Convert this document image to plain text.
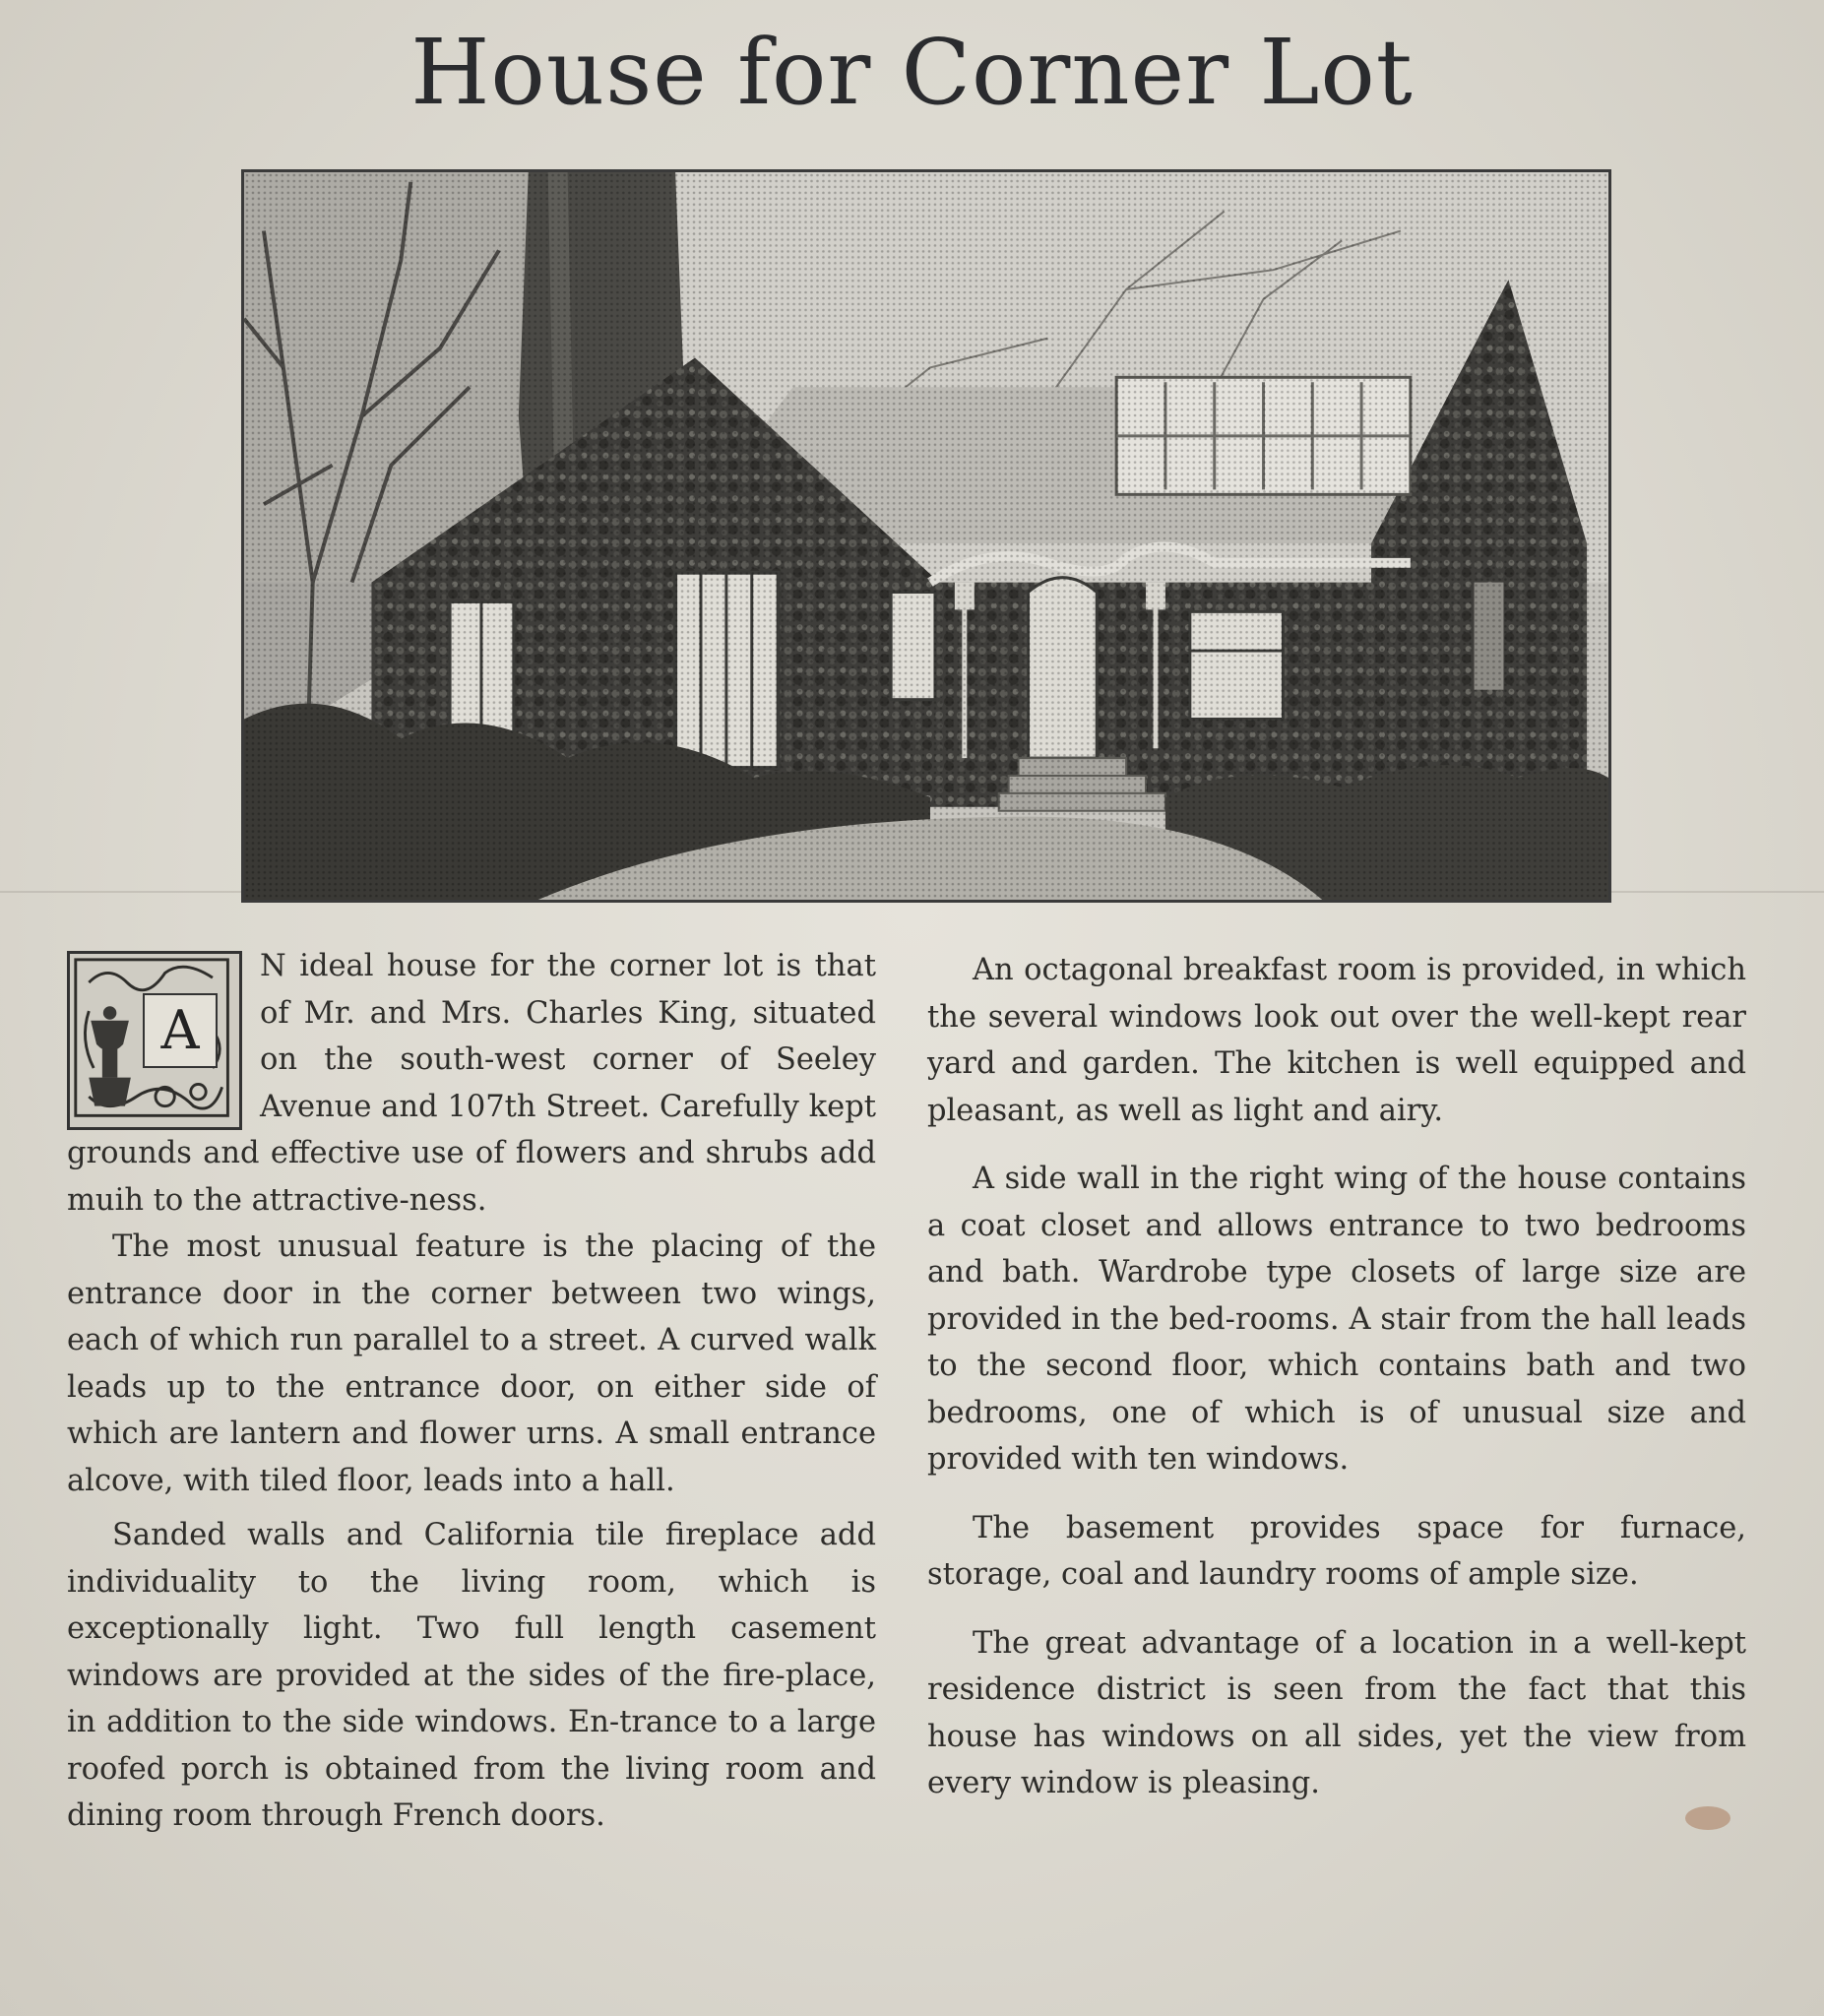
House for Corner Lot
A

N ideal house for the corner lot is that of Mr. and Mrs. Charles King, situated on the south-west corner of Seeley Avenue and 107th Street. Carefully kept grounds and effective use of flowers and shrubs add muih to the attractive-ness.

The most unusual feature is the placing of the entrance door in the corner between two wings, each of which run parallel to a street. A curved walk leads up to the entrance door, on either side of which are lantern and flower urns. A small entrance alcove, with tiled floor, leads into a hall.

Sanded walls and California tile fireplace add individuality to the living room, which is exceptionally light. Two full length casement windows are provided at the sides of the fire-place, in addition to the side windows. En-trance to a large roofed porch is obtained from the living room and dining room through French doors.

An octagonal breakfast room is provided, in which the several windows look out over the well-kept rear yard and garden. The kitchen is well equipped and pleasant, as well as light and airy.

A side wall in the right wing of the house contains a coat closet and allows entrance to two bedrooms and bath. Wardrobe type closets of large size are provided in the bed-rooms. A stair from the hall leads to the second floor, which contains bath and two bedrooms, one of which is of unusual size and provided with ten windows.

The basement provides space for furnace, storage, coal and laundry rooms of ample size.

The great advantage of a location in a well-kept residence district is seen from the fact that this house has windows on all sides, yet the view from every window is pleasing.
